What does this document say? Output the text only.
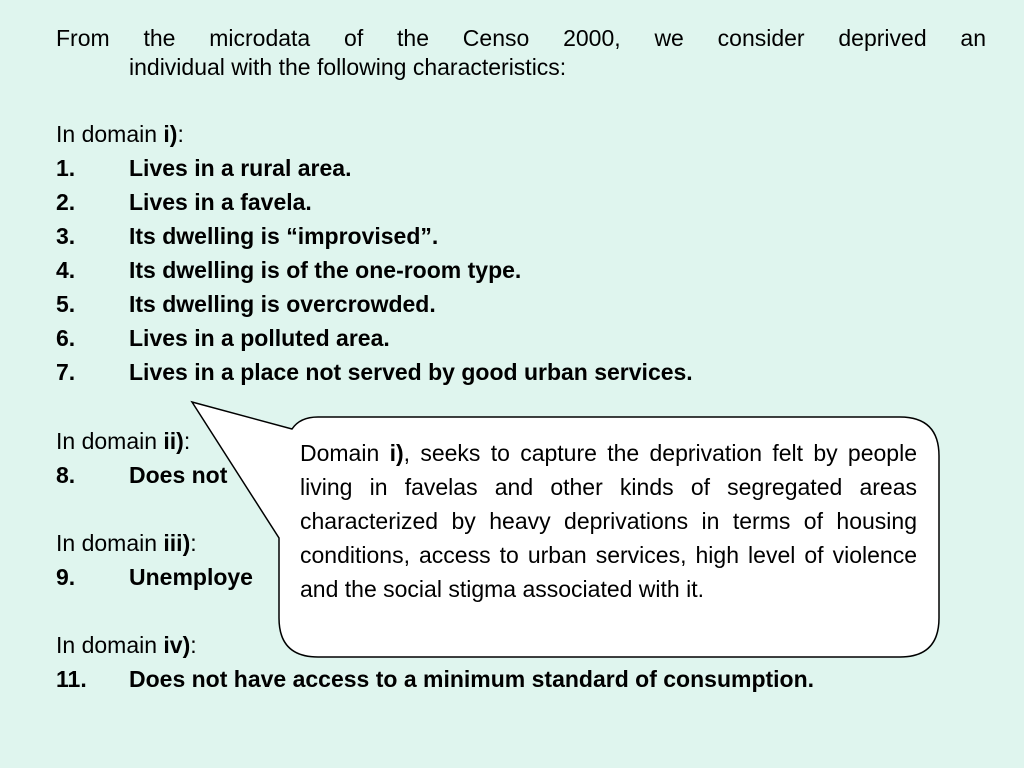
From the microdata of the Censo 2000, we consider deprived an
individual with the following characteristics:
In domain i):
1. Lives in a rural area.
2. Lives in a favela.
3. Its dwelling is “improvised”.
4. Its dwelling is of the one-room type.
5. Its dwelling is overcrowded.
6. Lives in a polluted area.
7. Lives in a place not served by good urban services.
In domain ii):
8. Does not
In domain iii):
9. Unemploye
In domain iv):
11. Does not have access to a minimum standard of consumption.
Domain i), seeks to capture the deprivation felt by people living in favelas and other kinds of segregated areas characterized by heavy deprivations in terms of housing conditions, access to urban services, high level of violence and the social stigma associated with it.
